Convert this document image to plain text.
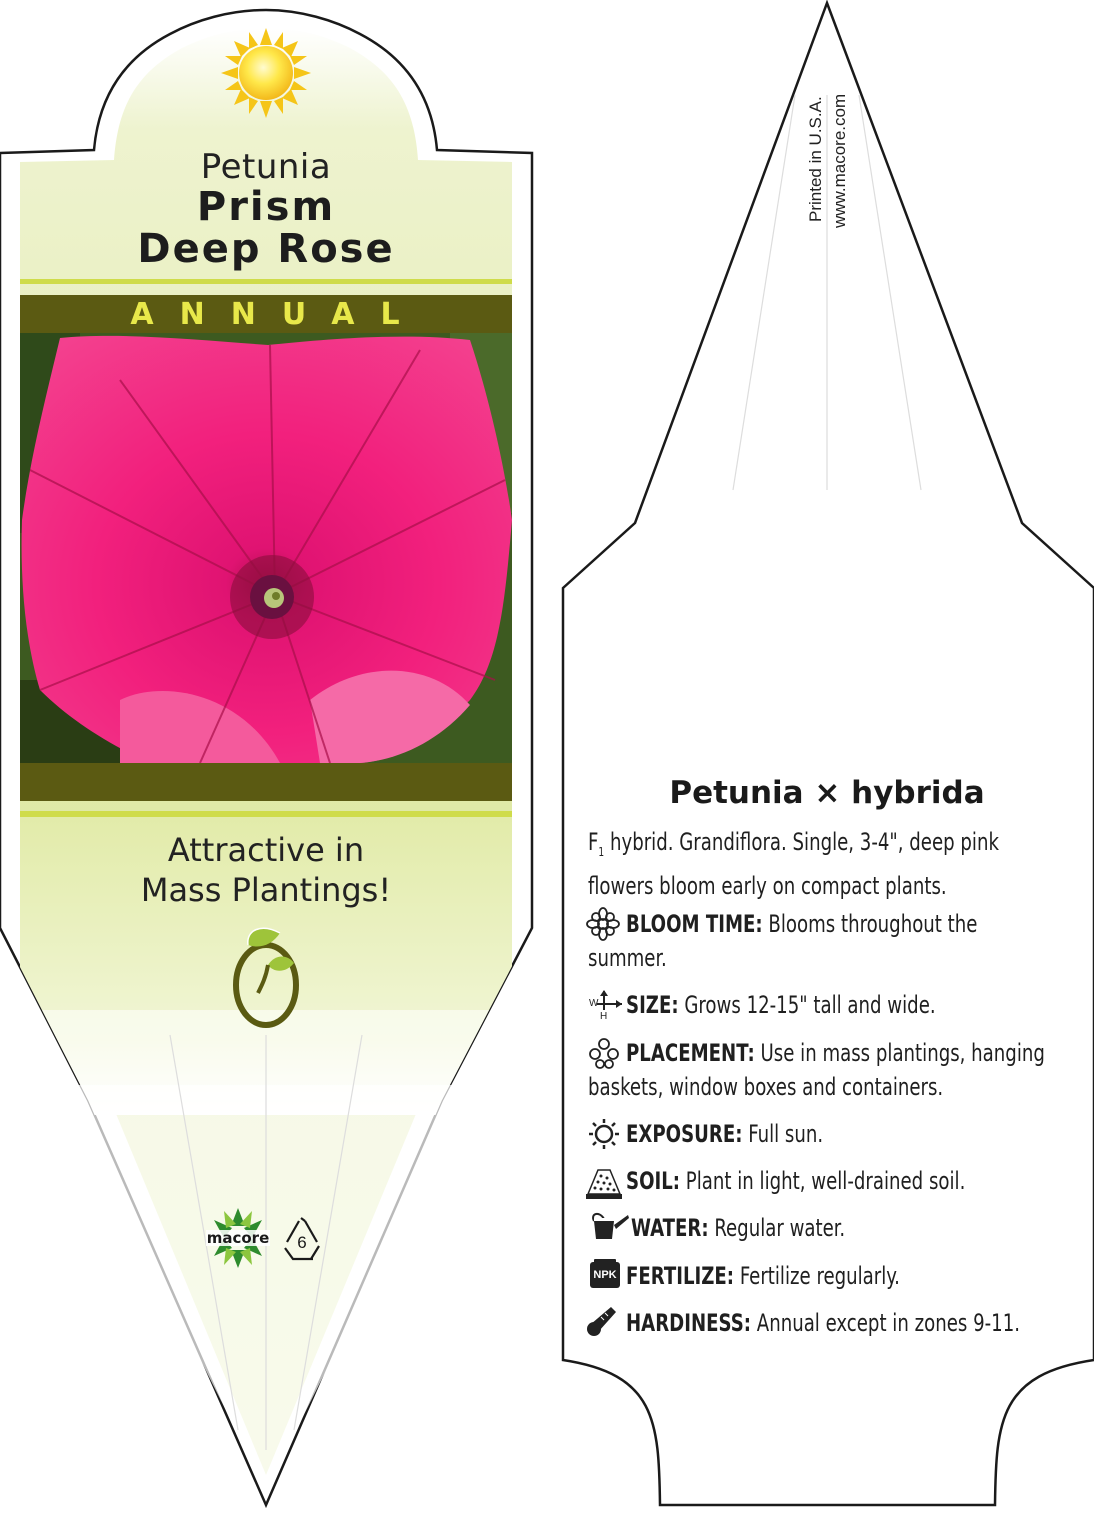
Petunia
Prism
Deep Rose
ANNUAL
Attractive in
Mass Plantings!
macore	6
Printed in U.S.A. www.macore.com
Petunia × hybrida
$F_1$ hybrid. Grandiflora. Single, 3-4", deep pink
flowers bloom early on compact plants.
BLOOM TIME: Blooms throughout the
summer.
W
H SIZE: Grows 12-15" tall and wide.
PLACEMENT: Use in mass plantings, hanging
baskets, window boxes and containers.
EXPOSURE: Full sun.
SOIL: Plant in light, well-drained soil.
WATER: Regular water.
NPK FERTILIZE: Fertilize regularly.
HARDINESS: Annual except in zones 9-11.
